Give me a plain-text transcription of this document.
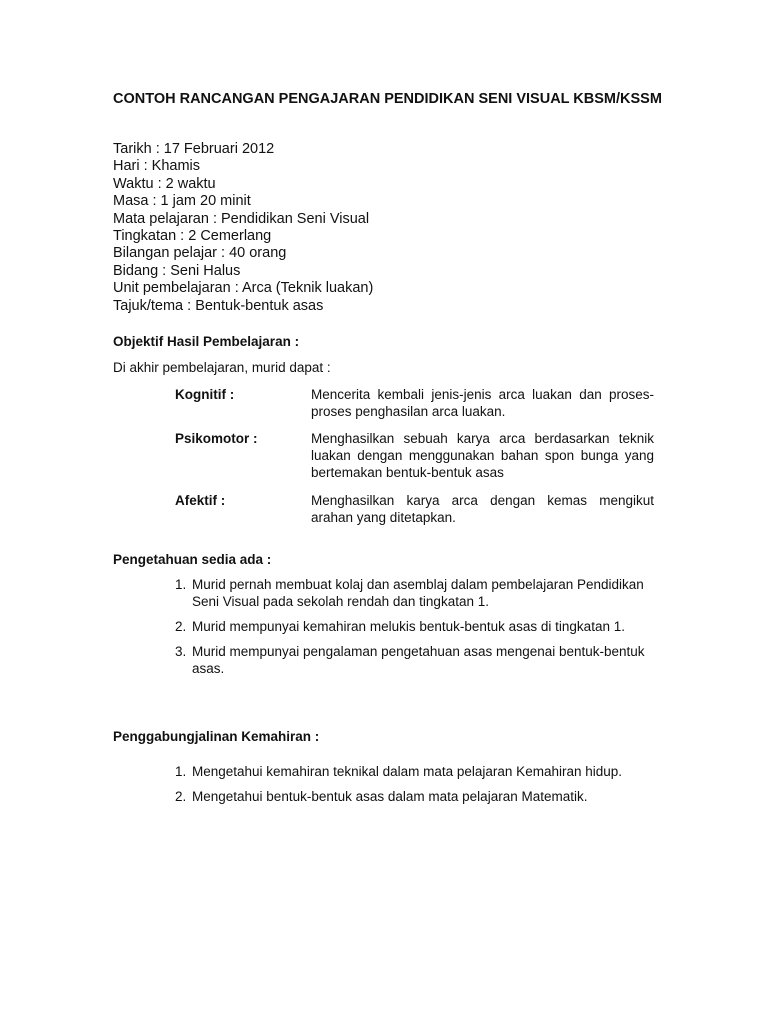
CONTOH RANCANGAN PENGAJARAN PENDIDIKAN SENI VISUAL KBSM/KSSM
Tarikh : 17 Februari 2012
Hari : Khamis
Waktu : 2 waktu
Masa : 1 jam 20 minit
Mata pelajaran : Pendidikan Seni Visual
Tingkatan : 2 Cemerlang
Bilangan pelajar : 40 orang
Bidang : Seni Halus
Unit pembelajaran : Arca (Teknik luakan)
Tajuk/tema : Bentuk-bentuk asas
Objektif Hasil Pembelajaran :
Di akhir pembelajaran, murid dapat :
Kognitif :	Mencerita kembali jenis-jenis arca luakan dan proses-proses penghasilan arca luakan.
Psikomotor :	Menghasilkan sebuah karya arca berdasarkan teknik luakan dengan menggunakan bahan spon bunga yang bertemakan bentuk-bentuk asas
Afektif :	Menghasilkan karya arca dengan kemas mengikut arahan yang ditetapkan.
Pengetahuan sedia ada :
1. Murid pernah membuat kolaj dan asemblaj dalam pembelajaran Pendidikan Seni Visual pada sekolah rendah dan tingkatan 1.
2. Murid mempunyai kemahiran melukis bentuk-bentuk asas di tingkatan 1.
3. Murid mempunyai pengalaman pengetahuan asas mengenai bentuk-bentuk asas.
Penggabungjalinan Kemahiran :
1. Mengetahui kemahiran teknikal dalam mata pelajaran Kemahiran hidup.
2. Mengetahui bentuk-bentuk asas dalam mata pelajaran Matematik.
